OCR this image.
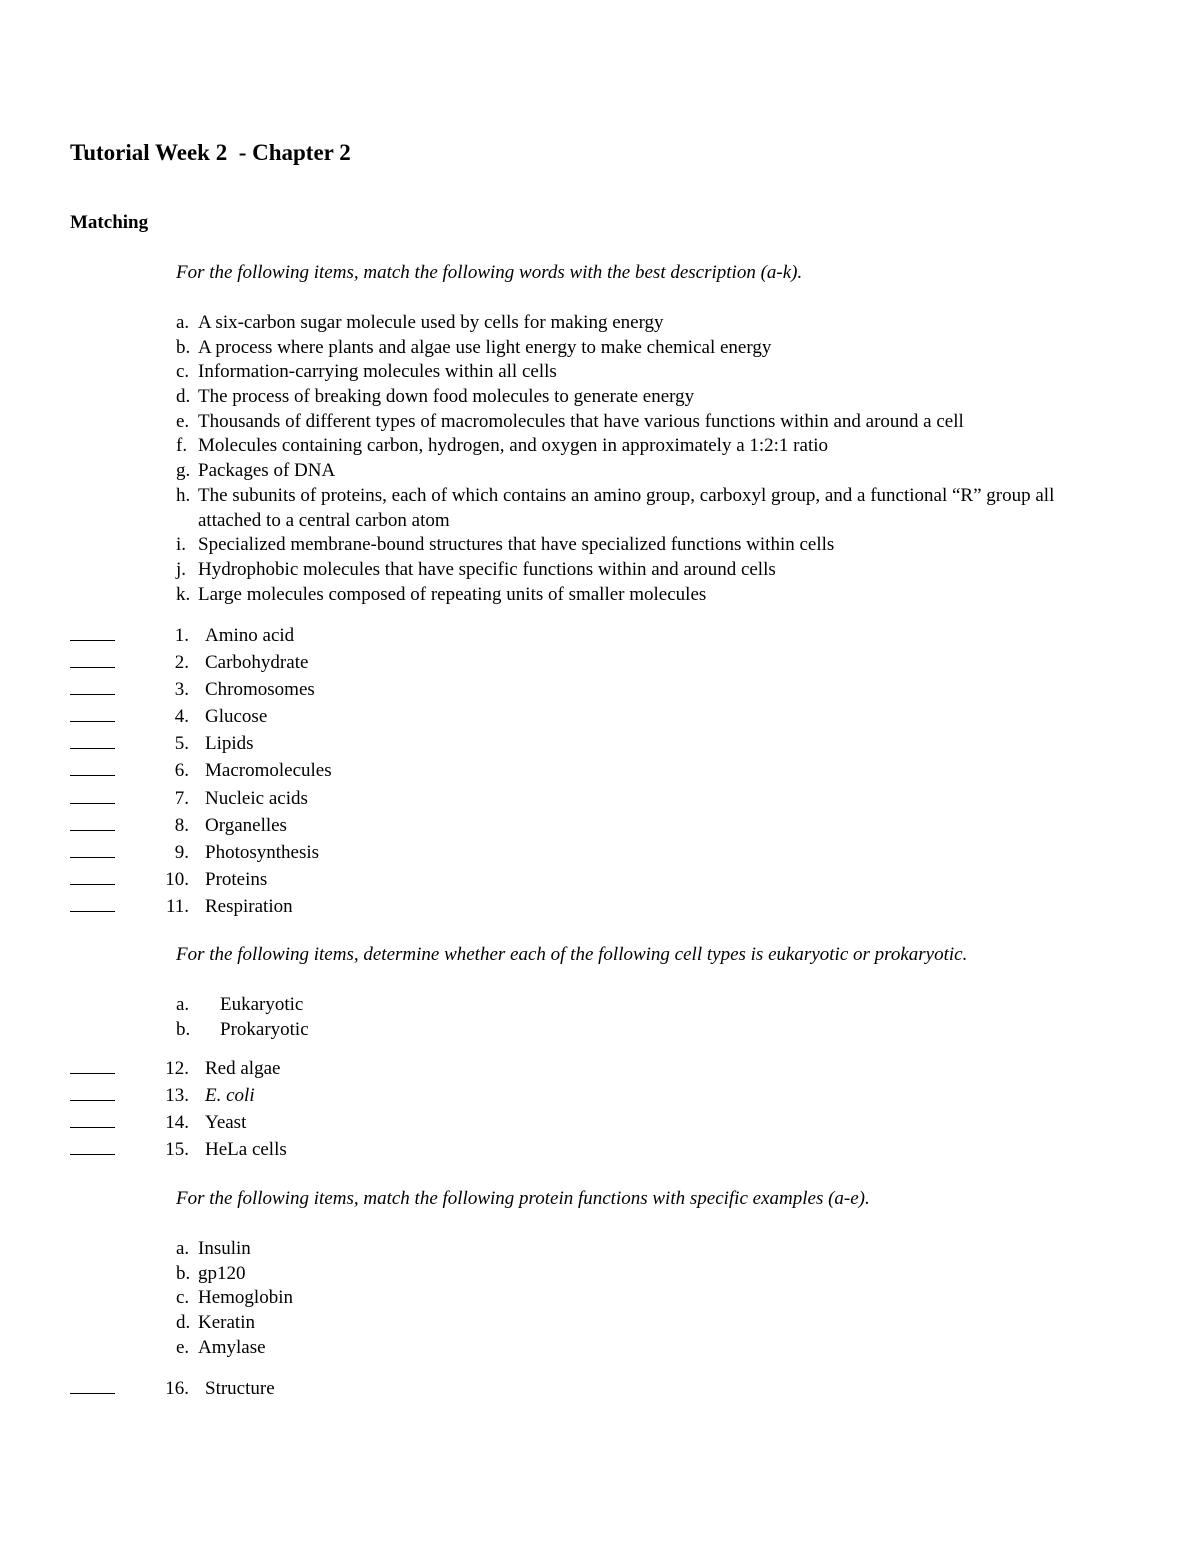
Tutorial Week 2  - Chapter 2
Matching
For the following items, match the following words with the best description (a-k).
a. A six-carbon sugar molecule used by cells for making energy
b. A process where plants and algae use light energy to make chemical energy
c. Information-carrying molecules within all cells
d. The process of breaking down food molecules to generate energy
e. Thousands of different types of macromolecules that have various functions within and around a cell
f. Molecules containing carbon, hydrogen, and oxygen in approximately a 1:2:1 ratio
g. Packages of DNA
h. The subunits of proteins, each of which contains an amino group, carboxyl group, and a functional “R” group all attached to a central carbon atom
i. Specialized membrane-bound structures that have specialized functions within cells
j. Hydrophobic molecules that have specific functions within and around cells
k. Large molecules composed of repeating units of smaller molecules
1. Amino acid
2. Carbohydrate
3. Chromosomes
4. Glucose
5. Lipids
6. Macromolecules
7. Nucleic acids
8. Organelles
9. Photosynthesis
10. Proteins
11. Respiration
For the following items, determine whether each of the following cell types is eukaryotic or prokaryotic.
a.	Eukaryotic
b.	Prokaryotic
12. Red algae
13. E. coli
14. Yeast
15. HeLa cells
For the following items, match the following protein functions with specific examples (a-e).
a. Insulin
b. gp120
c. Hemoglobin
d. Keratin
e. Amylase
16. Structure
